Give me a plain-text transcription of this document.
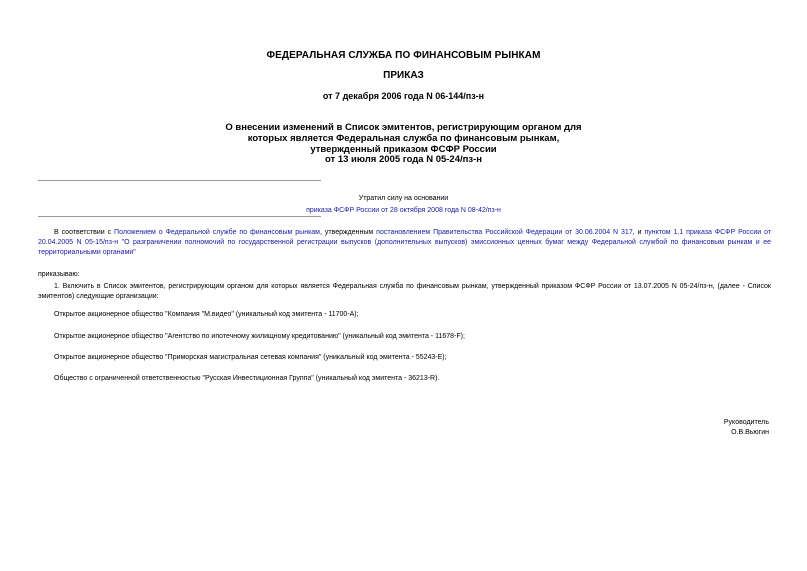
ФЕДЕРАЛЬНАЯ СЛУЖБА ПО ФИНАНСОВЫМ РЫНКАМ
ПРИКАЗ
от 7 декабря 2006 года N 06-144/пз-н
О внесении изменений в Список эмитентов, регистрирующим органом для
которых является Федеральная служба по финансовым рынкам,
утвержденный приказом ФСФР России
от 13 июля 2005 года N 05-24/пз-н
Утратил силу на основании
приказа ФСФР России от 28 октября 2008 года N 08-42/пз-н
В соответствии с Положением о Федеральной службе по финансовым рынкам, утвержденным постановлением Правительства Российской Федерации от 30.06.2004 N 317, и пунктом 1.1 приказа ФСФР России от 20.04.2005 N 05-15/пз-н "О разграничении полномочий по государственной регистрации выпусков (дополнительных выпусков) эмиссионных ценных бумаг между Федеральной службой по финансовым рынкам и ее территориальными органами"
приказываю:
1. Включить в Список эмитентов, регистрирующим органом для которых является Федеральная служба по финансовым рынкам, утвержденный приказом ФСФР России от 13.07.2005 N 05-24/пз-н, (далее - Список эмитентов) следующие организации:
Открытое акционерное общество "Компания "М.видео" (уникальный код эмитента - 11700-A);
Открытое акционерное общество "Агентство по ипотечному жилищному кредитованию" (уникальный код эмитента - 11678-F);
Открытое акционерное общество "Приморская магистральная сетевая компания" (уникальный код эмитента - 55243-E);
Общество с ограниченной ответственностью "Русская Инвестиционная Группа" (уникальный код эмитента - 36213-R).
Руководитель
О.В.Вьюгин
